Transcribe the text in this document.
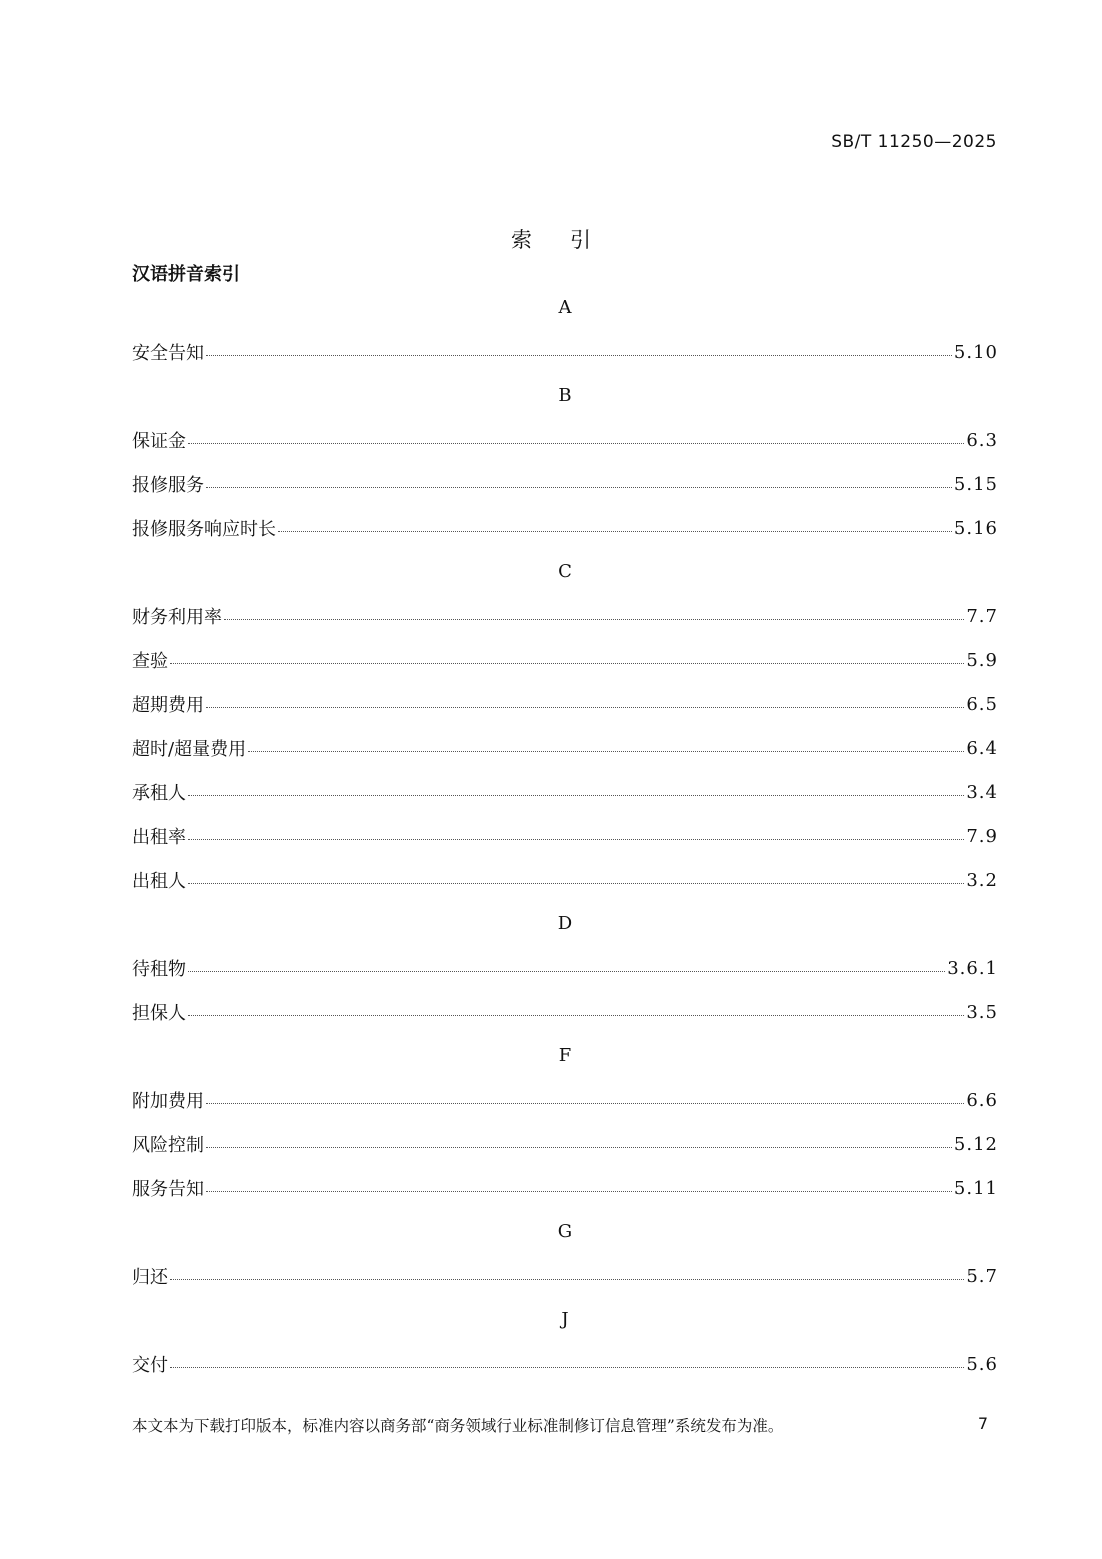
SB/T 11250—2025
索引
汉语拼音索引
A
安全告知	5.10
B
保证金	6.3
报修服务	5.15
报修服务响应时长	5.16
C
财务利用率	7.7
查验	5.9
超期费用	6.5
超时/超量费用	6.4
承租人	3.4
出租率	7.9
出租人	3.2
D
待租物	3.6.1
担保人	3.5
F
附加费用	6.6
风险控制	5.12
服务告知	5.11
G
归还	5.7
J
交付	5.6
本文本为下载打印版本，标准内容以商务部“商务领域行业标准制修订信息管理”系统发布为准。	7
